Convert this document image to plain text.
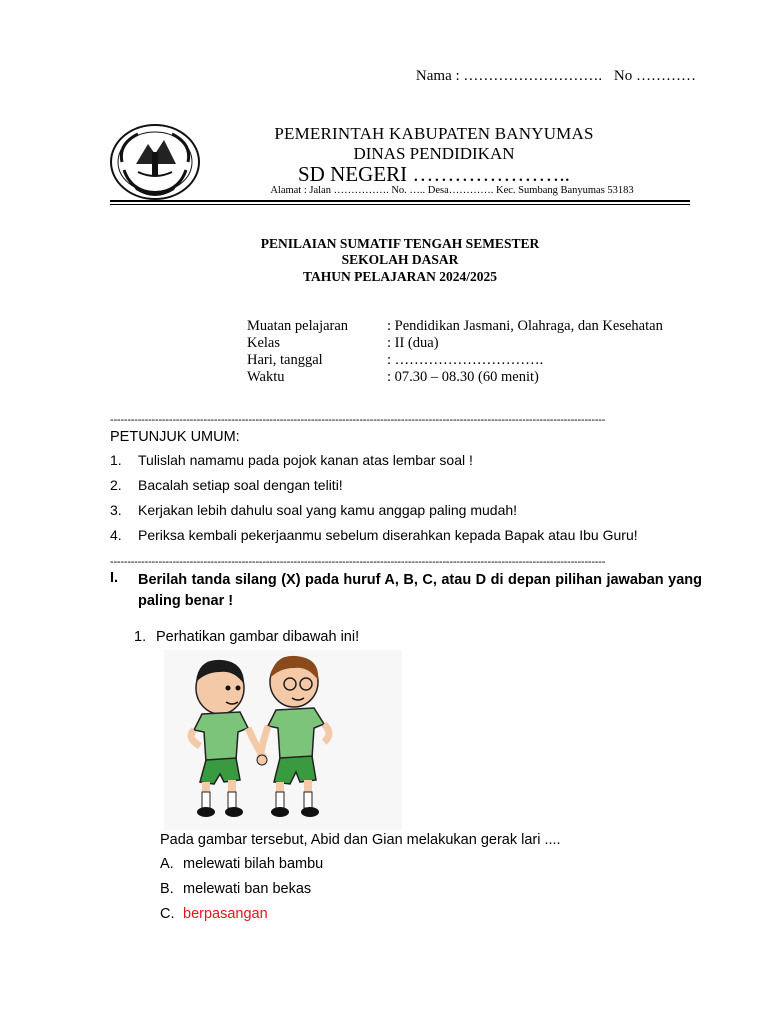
Nama : ………………………. No …………
PEMERINTAH KABUPATEN BANYUMAS
DINAS PENDIDIKAN
SD NEGERI …………………..
Alamat : Jalan ……………. No. ….. Desa…………. Kec. Sumbang Banyumas 53183
PENILAIAN SUMATIF TENGAH SEMESTER
SEKOLAH DASAR
TAHUN PELAJARAN 2024/2025
Muatan pelajaran	: Pendidikan Jasmani, Olahraga, dan Kesehatan
Kelas	: II (dua)
Hari, tanggal	: ………………………….
Waktu	: 07.30 – 08.30 (60 menit)
-----------------------------------------------------------------------------------------------------------------------------------------------
PETUNJUK UMUM:
1.	Tulislah namamu pada pojok kanan atas lembar soal !
2.	Bacalah setiap soal dengan teliti!
3.	Kerjakan lebih dahulu soal yang kamu anggap paling mudah!
4.	Periksa kembali pekerjaanmu sebelum diserahkan kepada Bapak atau Ibu Guru!
-----------------------------------------------------------------------------------------------------------------------------------------------
I.	Berilah tanda silang (X) pada huruf A, B, C, atau D di depan pilihan jawaban yang paling benar !
1. Perhatikan gambar dibawah ini!
Pada gambar tersebut, Abid dan Gian melakukan gerak lari ....
A. melewati bilah bambu
B. melewati ban bekas
C. berpasangan
